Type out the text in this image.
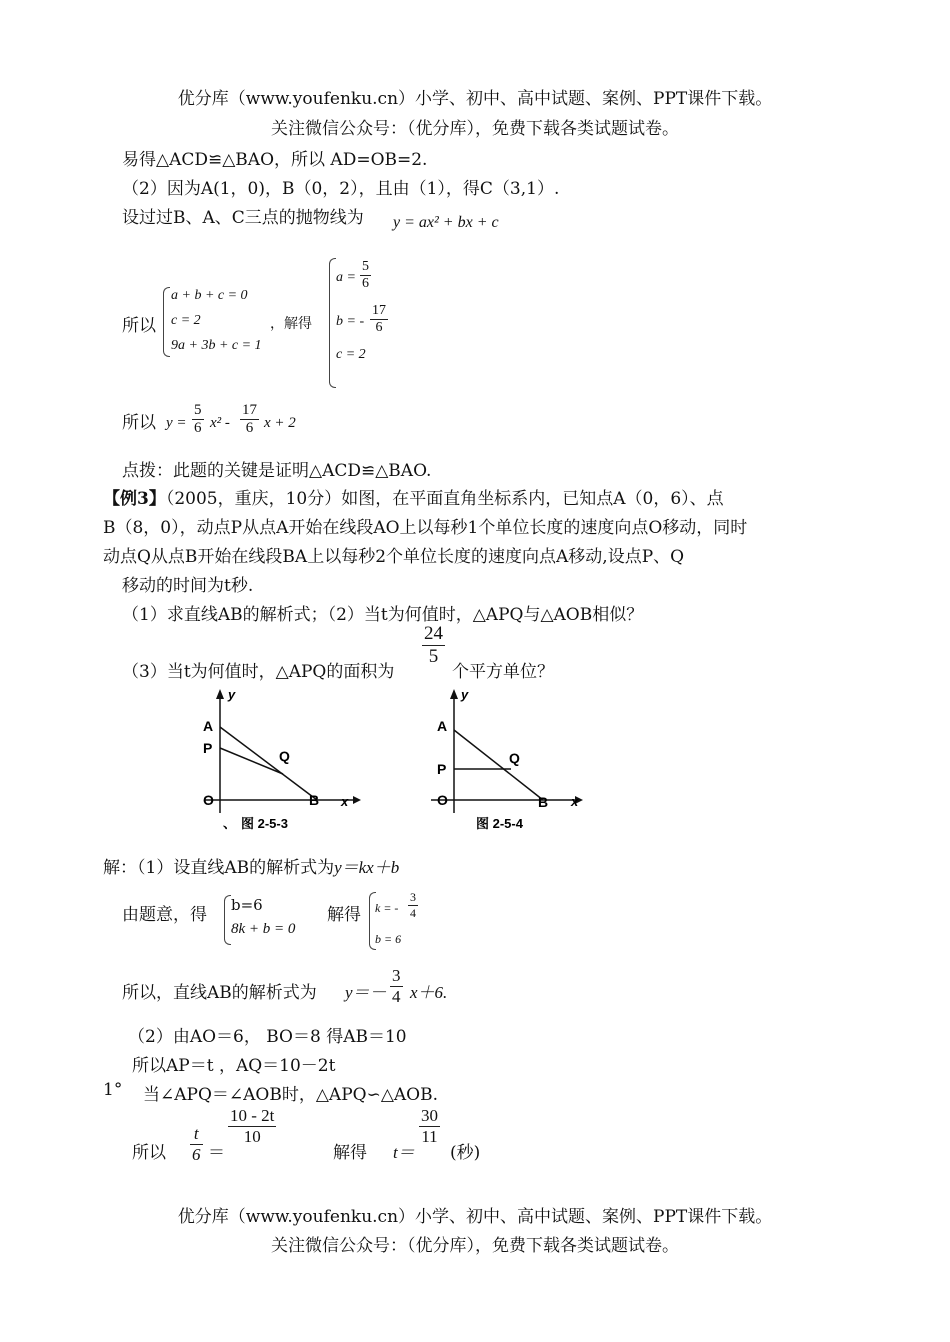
优分库（www.youfenku.cn）小学、初中、高中试题、案例、PPT课件下载。
关注微信公众号：（优分库），免费下载各类试题试卷。
易得△ACD≌△BAO，所以 AD=OB=2.
（2）因为A(1，0)，B（0，2），且由（1），得C（3,1）.
设过过B、A、C三点的抛物线为 y = ax² + bx + c
所以
a + b + c = 0
c = 2
9a + 3b + c = 1
，解得
a =
5
6
b = -
17
6
c = 2
所以 y =
5
6 x² -
17
6 x + 2
点拨：此题的关键是证明△ACD≌△BAO.
【例3】（2005，重庆，10分）如图，在平面直角坐标系内，已知点A（0，6）、点
B（8，0），动点P从点A开始在线段AO上以每秒1个单位长度的速度向点O移动，同时
动点Q从点B开始在线段BA上以每秒2个单位长度的速度向点A移动,设点P、Q
移动的时间为t秒.
（1）求直线AB的解析式；（2）当t为何值时，△APQ与△AOB相似？
（3）当t为何值时，△APQ的面积为
24
5
个平方单位？
A
P	Q
O	B x
y
、 图 2-5-3
A
P
Q
O	B x
y
图 2-5-4
解：（1）设直线AB的解析式为y＝kx＋b
由题意，得 b=6
8k + b = 0
解得 k = -
3
4
b = 6
所以，直线AB的解析式为 y＝－
3
4 x＋6.
（2）由AO＝6， BO＝8 得AB＝10
所以AP＝t ，AQ＝10－2t
1° 当∠APQ＝∠AOB时，△APQ∽△AOB.
所以
t
6 ＝
10 - 2t
10
解得 t＝
30
11
(秒)
优分库（www.youfenku.cn）小学、初中、高中试题、案例、PPT课件下载。
关注微信公众号：（优分库），免费下载各类试题试卷。
